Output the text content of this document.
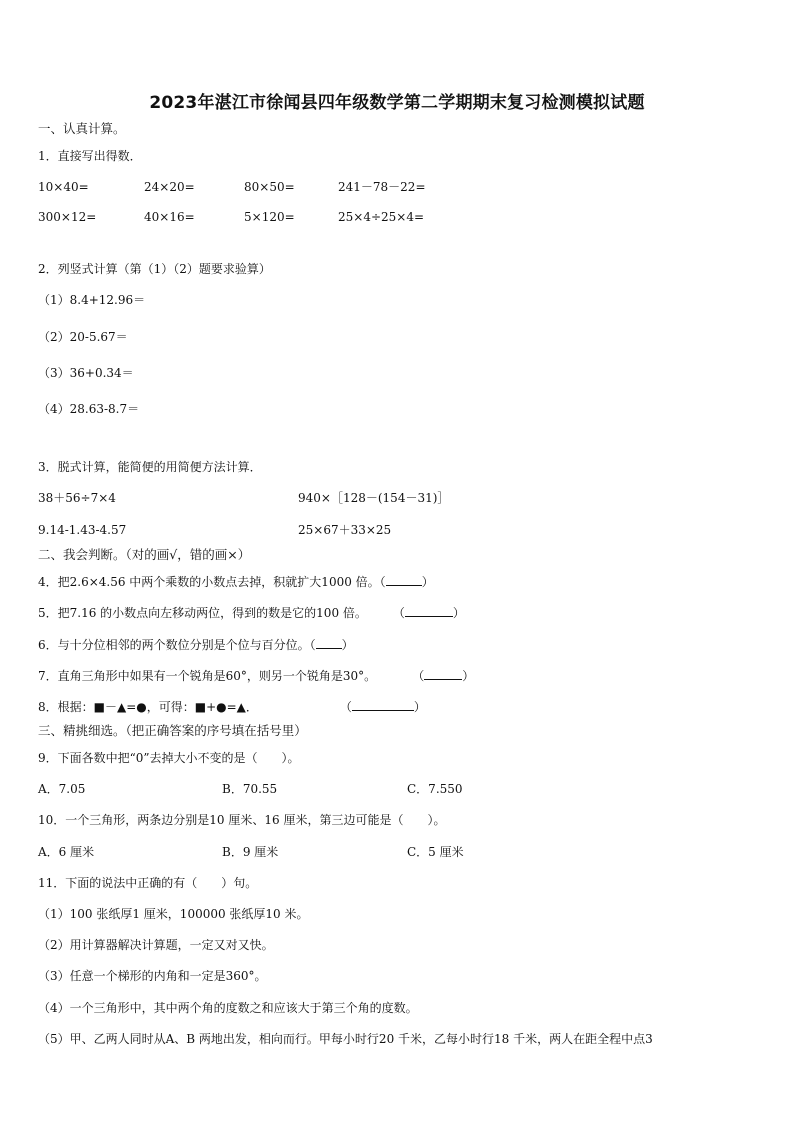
2023年湛江市徐闻县四年级数学第二学期期末复习检测模拟试题
一、认真计算。
1．直接写出得数．
10×40=	24×20=	80×50=	241－78－22=
300×12=	40×16=	5×120=	25×4÷25×4=
2．列竖式计算（第（1）（2）题要求验算）
（1）8.4+12.96＝
（2）20-5.67＝
（3）36+0.34＝
（4）28.63-8.7＝
3．脱式计算，能简便的用简便方法计算．
38＋56÷7×4	940×［128－(154－31)］
9.14-1.43-4.57	25×67＋33×25
二、我会判断。（对的画√，错的画×）
4．把2.6×4.56 中两个乘数的小数点去掉，积就扩大1000 倍。（	）
5．把7.16 的小数点向左移动两位，得到的数是它的100 倍。 （	）
6．与十分位相邻的两个数位分别是个位与百分位。（ ）
7．直角三角形中如果有一个锐角是60°，则另一个锐角是30°。	（	）
8．根据：■－▲=●，可得：■+●=▲．	（	）
三、精挑细选。（把正确答案的序号填在括号里）
9．下面各数中把“0”去掉大小不变的是（　　）。
A．7.05	B．70.55	C．7.550
10．一个三角形，两条边分别是10 厘米、16 厘米，第三边可能是（　　）。
A．6 厘米	B．9 厘米	C．5 厘米
11．下面的说法中正确的有（　　）句。
（1）100 张纸厚1 厘米，100000 张纸厚10 米。
（2）用计算器解决计算题，一定又对又快。
（3）任意一个梯形的内角和一定是360°。
（4）一个三角形中，其中两个角的度数之和应该大于第三个角的度数。
（5）甲、乙两人同时从A、B 两地出发，相向而行。甲每小时行20 千米，乙每小时行18 千米，两人在距全程中点3
